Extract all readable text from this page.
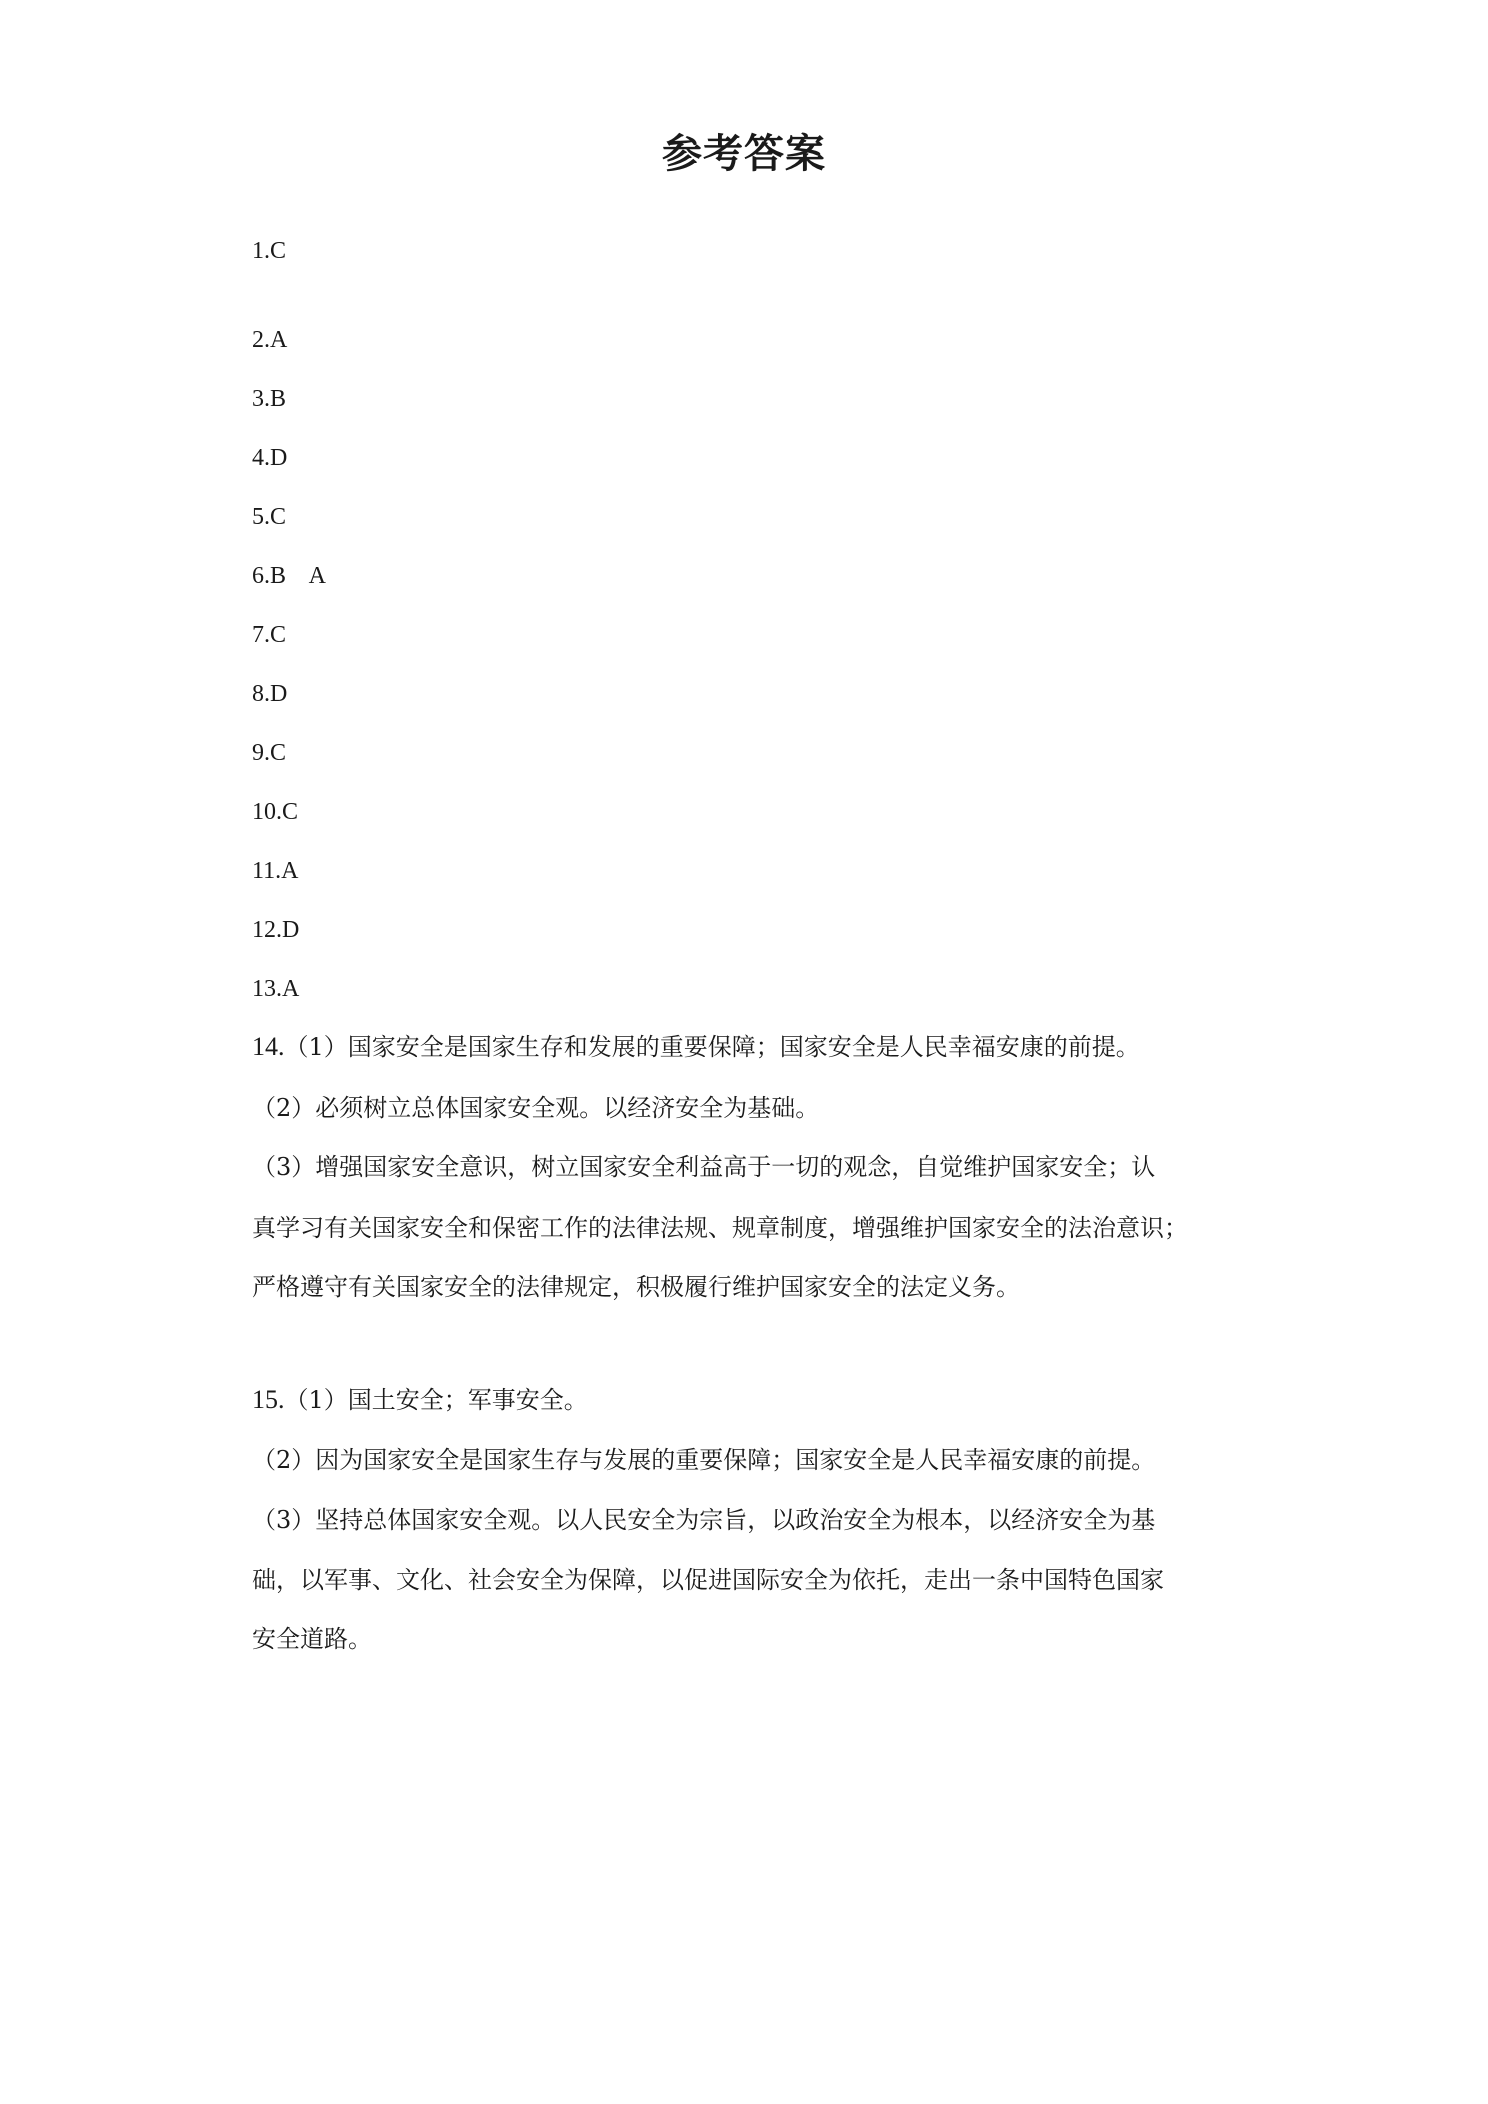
参考答案
1.C
2.A
3.B
4.D
5.C
6.B    A
7.C
8.D
9.C
10.C
11.A
12.D
13.A
14.（1）国家安全是国家生存和发展的重要保障；国家安全是人民幸福安康的前提。
（2）必须树立总体国家安全观。以经济安全为基础。
（3）增强国家安全意识，树立国家安全利益高于一切的观念，自觉维护国家安全；认
真学习有关国家安全和保密工作的法律法规、规章制度，增强维护国家安全的法治意识；
严格遵守有关国家安全的法律规定，积极履行维护国家安全的法定义务。
15.（1）国土安全；军事安全。
（2）因为国家安全是国家生存与发展的重要保障；国家安全是人民幸福安康的前提。
（3）坚持总体国家安全观。以人民安全为宗旨，以政治安全为根本，以经济安全为基
础，以军事、文化、社会安全为保障，以促进国际安全为依托，走出一条中国特色国家
安全道路。
